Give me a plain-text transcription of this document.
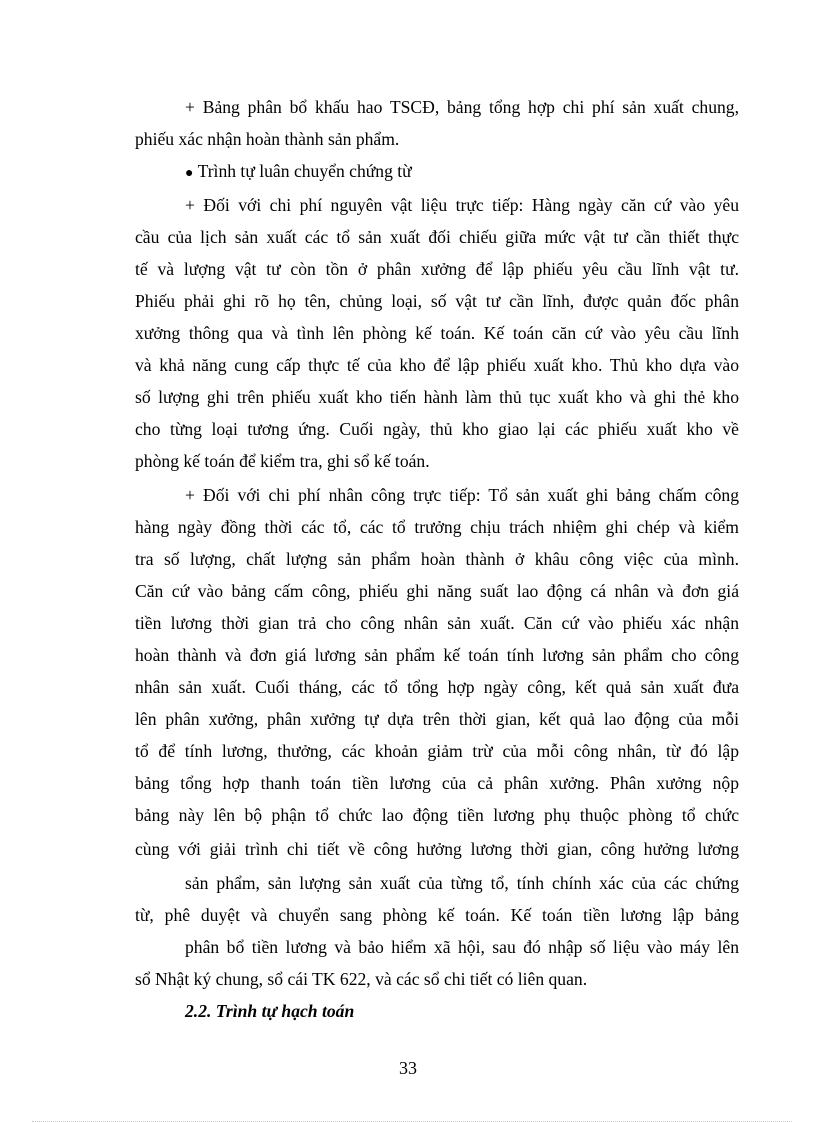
+ Bảng phân bổ khấu hao TSCĐ, bảng tổng hợp chi phí sản xuất chung,
phiếu xác nhận hoàn thành sản phẩm.
● Trình tự luân chuyển chứng từ
+ Đối với chi phí nguyên vật liệu trực tiếp: Hàng ngày căn cứ vào yêu
cầu của lịch sản xuất các tổ sản xuất đối chiếu giữa mức vật tư cần thiết thực
tế và lượng vật tư còn tồn ở phân xưởng để lập phiếu yêu cầu lĩnh vật tư.
Phiếu phải ghi rõ họ tên, chủng loại, số vật tư cần lĩnh, được quản đốc phân
xưởng thông qua và tình lên phòng kế toán. Kế toán căn cứ vào yêu cầu lĩnh
và khả năng cung cấp thực tế của kho để lập phiếu xuất kho. Thủ kho dựa vào
số lượng ghi trên phiếu xuất kho tiến hành làm thủ tục xuất kho và ghi thẻ kho
cho từng loại tương ứng. Cuối ngày, thủ kho giao lại các phiếu xuất kho về
phòng kế toán để kiểm tra, ghi sổ kế toán.
+ Đối với chi phí nhân công trực tiếp: Tổ sản xuất ghi bảng chấm công
hàng ngày đồng thời các tổ, các tổ trưởng chịu trách nhiệm ghi chép và kiểm
tra số lượng, chất lượng sản phẩm hoàn thành ở khâu công việc của mình.
Căn cứ vào bảng cấm công, phiếu ghi năng suất lao động cá nhân và đơn giá
tiền lương thời gian trả cho công nhân sản xuất. Căn cứ vào phiếu xác nhận
hoàn thành và đơn giá lương sản phẩm kế toán tính lương sản phẩm cho công
nhân sản xuất. Cuối tháng, các tổ tổng hợp ngày công, kết quả sản xuất đưa
lên phân xưởng, phân xưởng tự dựa trên thời gian, kết quả lao động của mỗi
tổ để tính lương, thưởng, các khoản giảm trừ của mỗi công nhân, từ đó lập
bảng tổng hợp thanh toán tiền lương của cả phân xưởng. Phân xưởng nộp
bảng này lên bộ phận tổ chức lao động tiền lương phụ thuộc phòng tổ chức
cùng với giải trình chi tiết về công hưởng lương thời gian, công hưởng lương
sản phẩm, sản lượng sản xuất của từng tổ, tính chính xác của các chứng
từ, phê duyệt và chuyển sang phòng kế toán. Kế toán tiền lương lập bảng
phân bổ tiền lương và bảo hiểm xã hội, sau đó nhập số liệu vào máy lên
sổ Nhật ký chung, sổ cái TK 622, và các sổ chi tiết có liên quan.
2.2. Trình tự hạch toán
33
